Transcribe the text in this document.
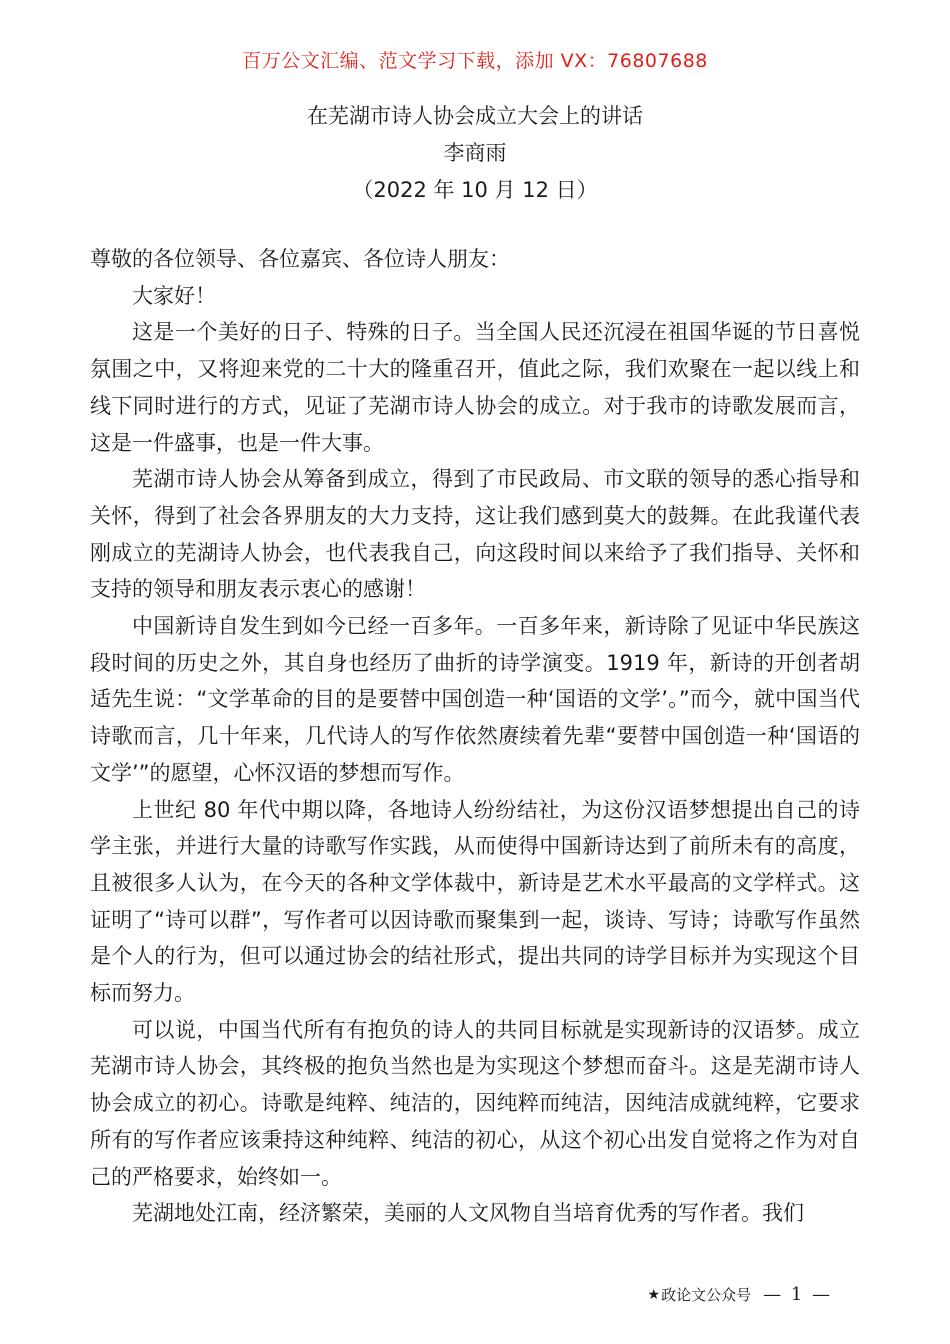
百万公文汇编、范文学习下载，添加 VX：76807688
在芜湖市诗人协会成立大会上的讲话
李商雨
（2022 年 10 月 12 日）

尊敬的各位领导、各位嘉宾、各位诗人朋友：

大家好！

这是一个美好的日子、特殊的日子。当全国人民还沉浸在祖国华诞的节日喜悦氛围之中，又将迎来党的二十大的隆重召开，值此之际，我们欢聚在一起以线上和线下同时进行的方式，见证了芜湖市诗人协会的成立。对于我市的诗歌发展而言，这是一件盛事，也是一件大事。

芜湖市诗人协会从筹备到成立，得到了市民政局、市文联的领导的悉心指导和关怀，得到了社会各界朋友的大力支持，这让我们感到莫大的鼓舞。在此我谨代表刚成立的芜湖诗人协会，也代表我自己，向这段时间以来给予了我们指导、关怀和支持的领导和朋友表示衷心的感谢！

中国新诗自发生到如今已经一百多年。一百多年来，新诗除了见证中华民族这段时间的历史之外，其自身也经历了曲折的诗学演变。1919 年，新诗的开创者胡适先生说：“文学革命的目的是要替中国创造一种‘国语的文学’。”而今，就中国当代诗歌而言，几十年来，几代诗人的写作依然赓续着先辈“要替中国创造一种‘国语的文学’”的愿望，心怀汉语的梦想而写作。

上世纪 80 年代中期以降，各地诗人纷纷结社，为这份汉语梦想提出自己的诗学主张，并进行大量的诗歌写作实践，从而使得中国新诗达到了前所未有的高度，且被很多人认为，在今天的各种文学体裁中，新诗是艺术水平最高的文学样式。这证明了“诗可以群”，写作者可以因诗歌而聚集到一起，谈诗、写诗；诗歌写作虽然是个人的行为，但可以通过协会的结社形式，提出共同的诗学目标并为实现这个目标而努力。

可以说，中国当代所有有抱负的诗人的共同目标就是实现新诗的汉语梦。成立芜湖市诗人协会，其终极的抱负当然也是为实现这个梦想而奋斗。这是芜湖市诗人协会成立的初心。诗歌是纯粹、纯洁的，因纯粹而纯洁，因纯洁成就纯粹，它要求所有的写作者应该秉持这种纯粹、纯洁的初心，从这个初心出发自觉将之作为对自己的严格要求，始终如一。

芜湖地处江南，经济繁荣，美丽的人文风物自当培育优秀的写作者。我们

★ 政论文公众号 — 1 —
